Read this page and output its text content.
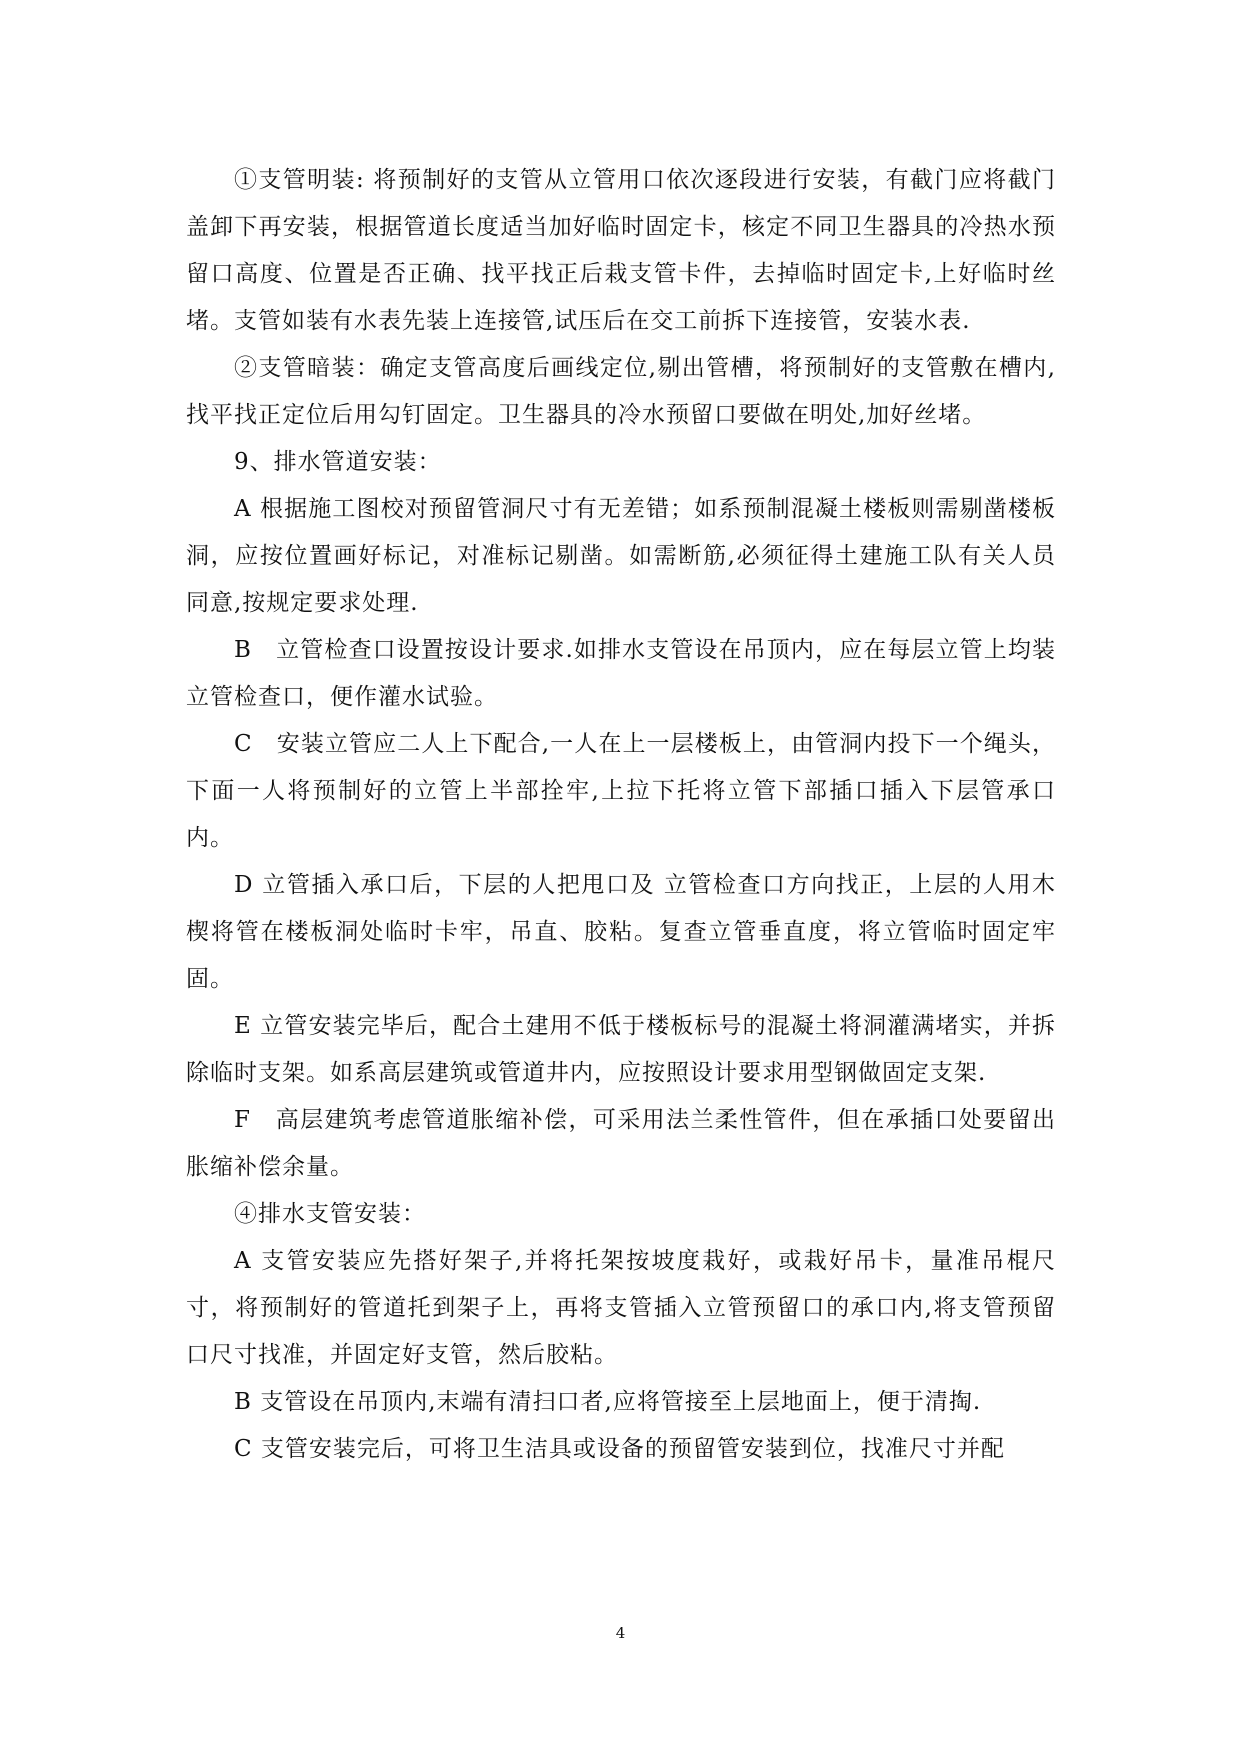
①支管明装: 将预制好的支管从立管用口依次逐段进行安装，有截门应将截门盖卸下再安装，根据管道长度适当加好临时固定卡，核定不同卫生器具的冷热水预留口高度、位置是否正确、找平找正后栽支管卡件，去掉临时固定卡,上好临时丝堵。支管如装有水表先装上连接管,试压后在交工前拆下连接管，安装水表.

②支管暗装：确定支管高度后画线定位,剔出管槽，将预制好的支管敷在槽内,找平找正定位后用勾钉固定。卫生器具的冷水预留口要做在明处,加好丝堵。

9、排水管道安装：

A 根据施工图校对预留管洞尺寸有无差错；如系预制混凝土楼板则需剔凿楼板洞，应按位置画好标记，对准标记剔凿。如需断筋,必须征得土建施工队有关人员同意,按规定要求处理.

B　立管检查口设置按设计要求.如排水支管设在吊顶内，应在每层立管上均装立管检查口，便作灌水试验。

C　安装立管应二人上下配合,一人在上一层楼板上，由管洞内投下一个绳头，下面一人将预制好的立管上半部拴牢,上拉下托将立管下部插口插入下层管承口内。

D 立管插入承口后，下层的人把甩口及 立管检查口方向找正，上层的人用木楔将管在楼板洞处临时卡牢，吊直、胶粘。复查立管垂直度，将立管临时固定牢固。

E 立管安装完毕后，配合土建用不低于楼板标号的混凝土将洞灌满堵实，并拆除临时支架。如系高层建筑或管道井内，应按照设计要求用型钢做固定支架.

F　高层建筑考虑管道胀缩补偿，可采用法兰柔性管件，但在承插口处要留出胀缩补偿余量。

④排水支管安装：

A 支管安装应先搭好架子,并将托架按坡度栽好，或栽好吊卡，量准吊棍尺寸，将预制好的管道托到架子上，再将支管插入立管预留口的承口内,将支管预留口尺寸找准，并固定好支管，然后胶粘。

B 支管设在吊顶内,末端有清扫口者,应将管接至上层地面上，便于清掏.

C 支管安装完后，可将卫生洁具或设备的预留管安装到位，找准尺寸并配

4
